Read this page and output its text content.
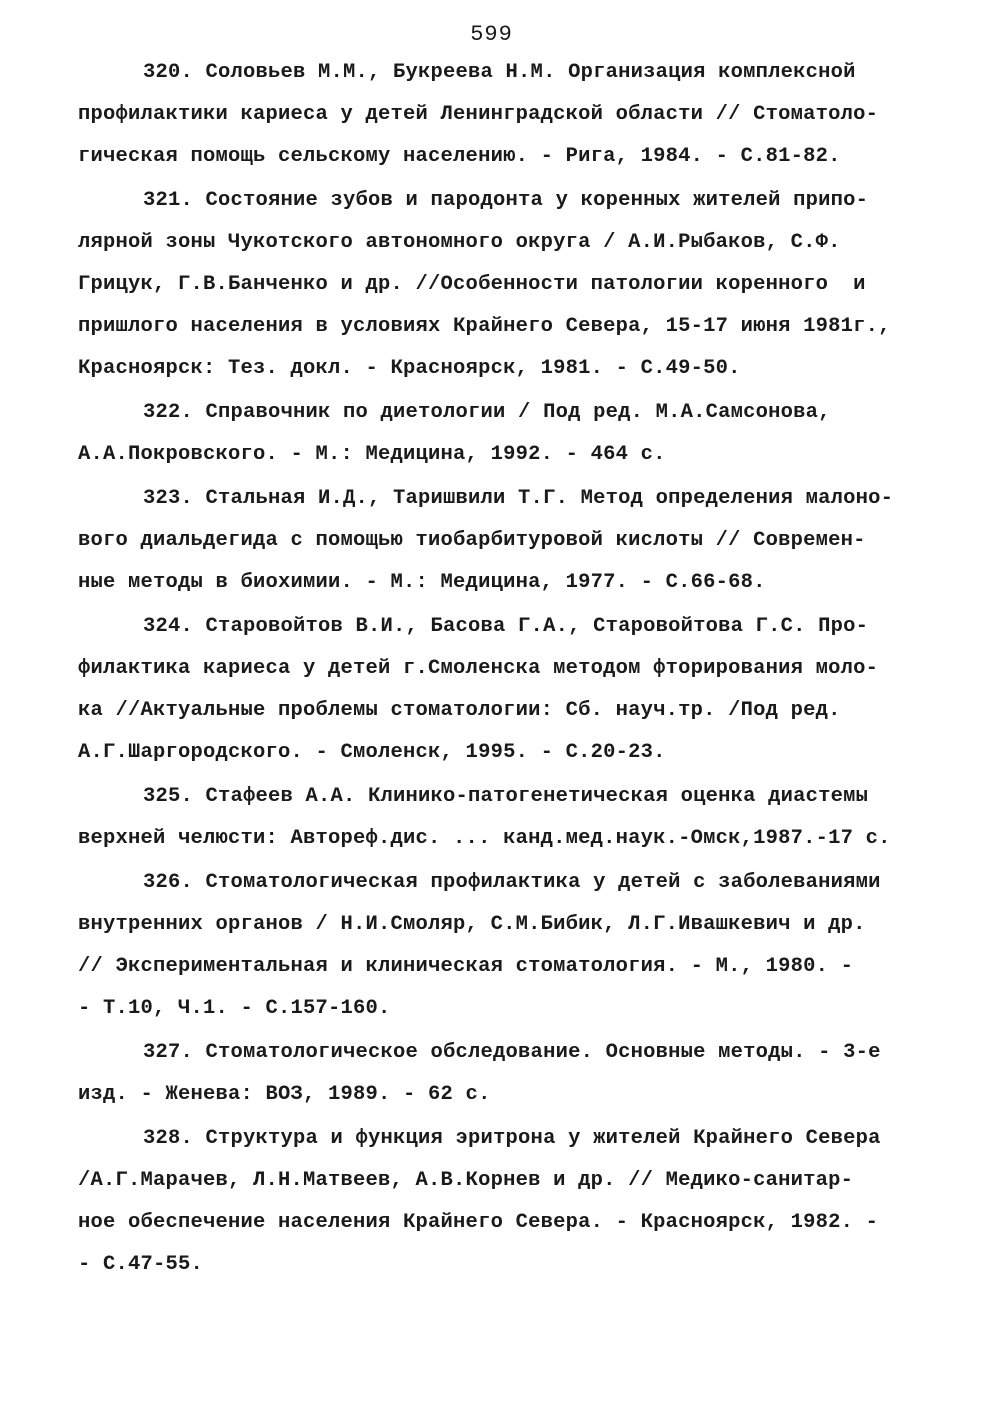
599
320. Соловьев М.М., Букреева Н.М. Организация комплексной
профилактики кариеса у детей Ленинградской области // Стоматоло-
гическая помощь сельскому населению. - Рига, 1984. - С.81-82.
321. Состояние зубов и пародонта у коренных жителей припо-
лярной зоны Чукотского автономного округа / А.И.Рыбаков, С.Ф.
Грицук, Г.В.Банченко и др. //Особенности патологии коренного  и
пришлого населения в условиях Крайнего Севера, 15-17 июня 1981г.,
Красноярск: Тез. докл. - Красноярск, 1981. - С.49-50.
322. Справочник по диетологии / Под ред. М.А.Самсонова,
А.А.Покровского. - М.: Медицина, 1992. - 464 с.
323. Стальная И.Д., Таришвили Т.Г. Метод определения малоно-
вого диальдегида с помощью тиобарбитуровой кислоты // Современ-
ные методы в биохимии. - М.: Медицина, 1977. - С.66-68.
324. Старовойтов В.И., Басова Г.А., Старовойтова Г.С. Про-
филактика кариеса у детей г.Смоленска методом фторирования моло-
ка //Актуальные проблемы стоматологии: Сб. науч.тр. /Под ред.
А.Г.Шаргородского. - Смоленск, 1995. - С.20-23.
325. Стафеев А.А. Клинико-патогенетическая оценка диастемы
верхней челюсти: Автореф.дис. ... канд.мед.наук.-Омск,1987.-17 с.
326. Стоматологическая профилактика у детей с заболеваниями
внутренних органов / Н.И.Смоляр, С.М.Бибик, Л.Г.Ивашкевич и др.
// Экспериментальная и клиническая стоматология. - М., 1980. -
- Т.10, Ч.1. - С.157-160.
327. Стоматологическое обследование. Основные методы. - 3-е
изд. - Женева: ВОЗ, 1989. - 62 с.
328. Структура и функция эритрона у жителей Крайнего Севера
/А.Г.Марачев, Л.Н.Матвеев, А.В.Корнев и др. // Медико-санитар-
ное обеспечение населения Крайнего Севера. - Красноярск, 1982. -
- С.47-55.
